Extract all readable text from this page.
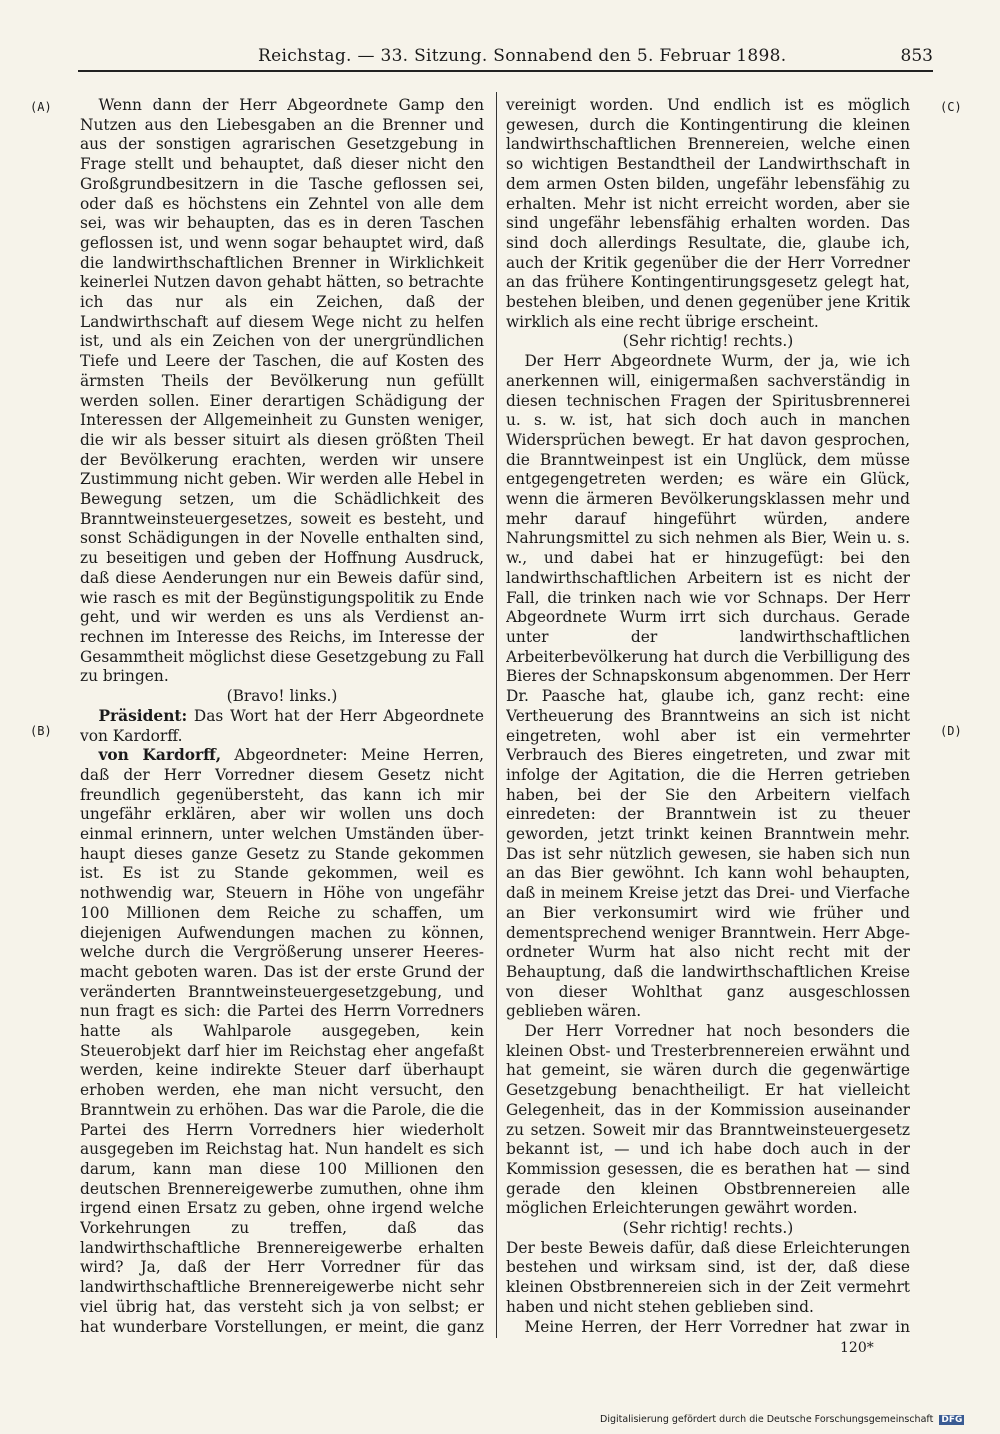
Reichstag. — 33. Sitzung. Sonnabend den 5. Februar 1898.	853
(A)
(B)
(C)
(D)

Wenn dann der Herr Abgeordnete Gamp den Nutzen aus den Liebesgaben an die Brenner und aus der sonstigen agrarischen Gesetzgebung in Frage stellt und behauptet, daß dieser nicht den Großgrundbesitzern in die Tasche geflossen sei, oder daß es höchstens ein Zehntel von alle dem sei, was wir behaupten, das es in deren Taschen geflossen ist, und wenn sogar behauptet wird, daß die landwirthschaftlichen Brenner in Wirklichkeit keinerlei Nutzen davon gehabt hätten, so betrachte ich das nur als ein Zeichen, daß der Landwirthschaft auf diesem Wege nicht zu helfen ist, und als ein Zeichen von der unergründlichen Tiefe und Leere der Taschen, die auf Kosten des ärmsten Theils der Bevölkerung nun gefüllt werden sollen. Einer derartigen Schädigung der Interessen der Allgemeinheit zu Gunsten weniger, die wir als besser situirt als diesen größten Theil der Bevölkerung erachten, werden wir unsere Zustimmung nicht geben. Wir werden alle Hebel in Bewegung setzen, um die Schädlichkeit des Branntweinsteuergesetzes, soweit es besteht, und sonst Schädigungen in der Novelle enthalten sind, zu beseitigen und geben der Hoffnung Ausdruck, daß diese Aenderungen nur ein Beweis dafür sind, wie rasch es mit der Begünstigungspolitik zu Ende geht, und wir werden es uns als Verdienst anrechnen im Interesse des Reichs, im Interesse der Gesammtheit möglichst diese Gesetzgebung zu Fall zu bringen.

(Bravo! links.)

Präsident: Das Wort hat der Herr Abgeordnete von Kardorff.

von Kardorff, Abgeordneter: Meine Herren, daß der Herr Vorredner diesem Gesetz nicht freundlich gegenübersteht, das kann ich mir ungefähr erklären, aber wir wollen uns doch einmal erinnern, unter welchen Umständen überhaupt dieses ganze Gesetz zu Stande gekommen ist. Es ist zu Stande gekommen, weil es nothwendig war, Steuern in Höhe von ungefähr 100 Millionen dem Reiche zu schaffen, um diejenigen Aufwendungen machen zu können, welche durch die Vergrößerung unserer Heeresmacht geboten waren. Das ist der erste Grund der veränderten Branntweinsteuergesetzgebung, und nun fragt es sich: die Partei des Herrn Vorredners hatte als Wahlparole ausgegeben, kein Steuerobjekt darf hier im Reichstag eher angefaßt werden, keine indirekte Steuer darf überhaupt erhoben werden, ehe man nicht versucht, den Branntwein zu erhöhen. Das war die Parole, die die Partei des Herrn Vorredners hier wiederholt ausgegeben im Reichstag hat. Nun handelt es sich darum, kann man diese 100 Millionen den deutschen Brennereigewerbe zumuthen, ohne ihm irgend einen Ersatz zu geben, ohne irgend welche Vorkehrungen zu treffen, daß das landwirthschaftliche Brennereigewerbe erhalten wird? Ja, daß der Herr Vorredner für das landwirthschaftliche Brennereigewerbe nicht sehr viel übrig hat, das versteht sich ja von selbst; er hat wunderbare Vorstellungen, er meint, die ganz

vereinigt worden. Und endlich ist es möglich gewesen, durch die Kontingentirung die kleinen landwirthschaftlichen Brennereien, welche einen so wichtigen Bestandtheil der Landwirthschaft in dem armen Osten bilden, ungefähr lebensfähig zu erhalten. Mehr ist nicht erreicht worden, aber sie sind ungefähr lebensfähig erhalten worden. Das sind doch allerdings Resultate, die, glaube ich, auch der Kritik gegenüber die der Herr Vorredner an das frühere Kontingentirungsgesetz gelegt hat, bestehen bleiben, und denen gegenüber jene Kritik wirklich als eine recht übrige erscheint.

(Sehr richtig! rechts.)

Der Herr Abgeordnete Wurm, der ja, wie ich anerkennen will, einigermaßen sachverständig in diesen technischen Fragen der Spiritusbrennerei u. s. w. ist, hat sich doch auch in manchen Widersprüchen bewegt. Er hat davon gesprochen, die Branntweinpest ist ein Unglück, dem müsse entgegengetreten werden; es wäre ein Glück, wenn die ärmeren Bevölkerungsklassen mehr und mehr darauf hingeführt würden, andere Nahrungsmittel zu sich nehmen als Bier, Wein u. s. w., und dabei hat er hinzugefügt: bei den landwirthschaftlichen Arbeitern ist es nicht der Fall, die trinken nach wie vor Schnaps. Der Herr Abgeordnete Wurm irrt sich durchaus. Gerade unter der landwirthschaftlichen Arbeiterbevölkerung hat durch die Verbilligung des Bieres der Schnapskonsum abgenommen. Der Herr Dr. Paasche hat, glaube ich, ganz recht: eine Vertheuerung des Branntweins an sich ist nicht eingetreten, wohl aber ist ein vermehrter Verbrauch des Bieres eingetreten, und zwar mit infolge der Agitation, die die Herren getrieben haben, bei der Sie den Arbeitern vielfach einredeten: der Branntwein ist zu theuer geworden, jetzt trinkt keinen Branntwein mehr. Das ist sehr nützlich gewesen, sie haben sich nun an das Bier gewöhnt. Ich kann wohl behaupten, daß in meinem Kreise jetzt das Drei- und Vierfache an Bier verkonsumirt wird wie früher und dementsprechend weniger Branntwein. Herr Abgeordneter Wurm hat also nicht recht mit der Behauptung, daß die landwirthschaftlichen Kreise von dieser Wohlthat ganz ausgeschlossen geblieben wären.

Der Herr Vorredner hat noch besonders die kleinen Obst- und Tresterbrennereien erwähnt und hat gemeint, sie wären durch die gegenwärtige Gesetzgebung benachtheiligt. Er hat vielleicht Gelegenheit, das in der Kommission auseinander zu setzen. Soweit mir das Branntweinsteuergesetz bekannt ist, — und ich habe doch auch in der Kommission gesessen, die es berathen hat — sind gerade den kleinen Obstbrennereien alle möglichen Erleichterungen gewährt worden.

(Sehr richtig! rechts.)

Der beste Beweis dafür, daß diese Erleichterungen bestehen und wirksam sind, ist der, daß diese kleinen Obstbrennereien sich in der Zeit vermehrt haben und nicht stehen geblieben sind.

Meine Herren, der Herr Vorredner hat zwar in

120*
Digitalisierung gefördert durch die Deutsche Forschungsgemeinschaft DFG
